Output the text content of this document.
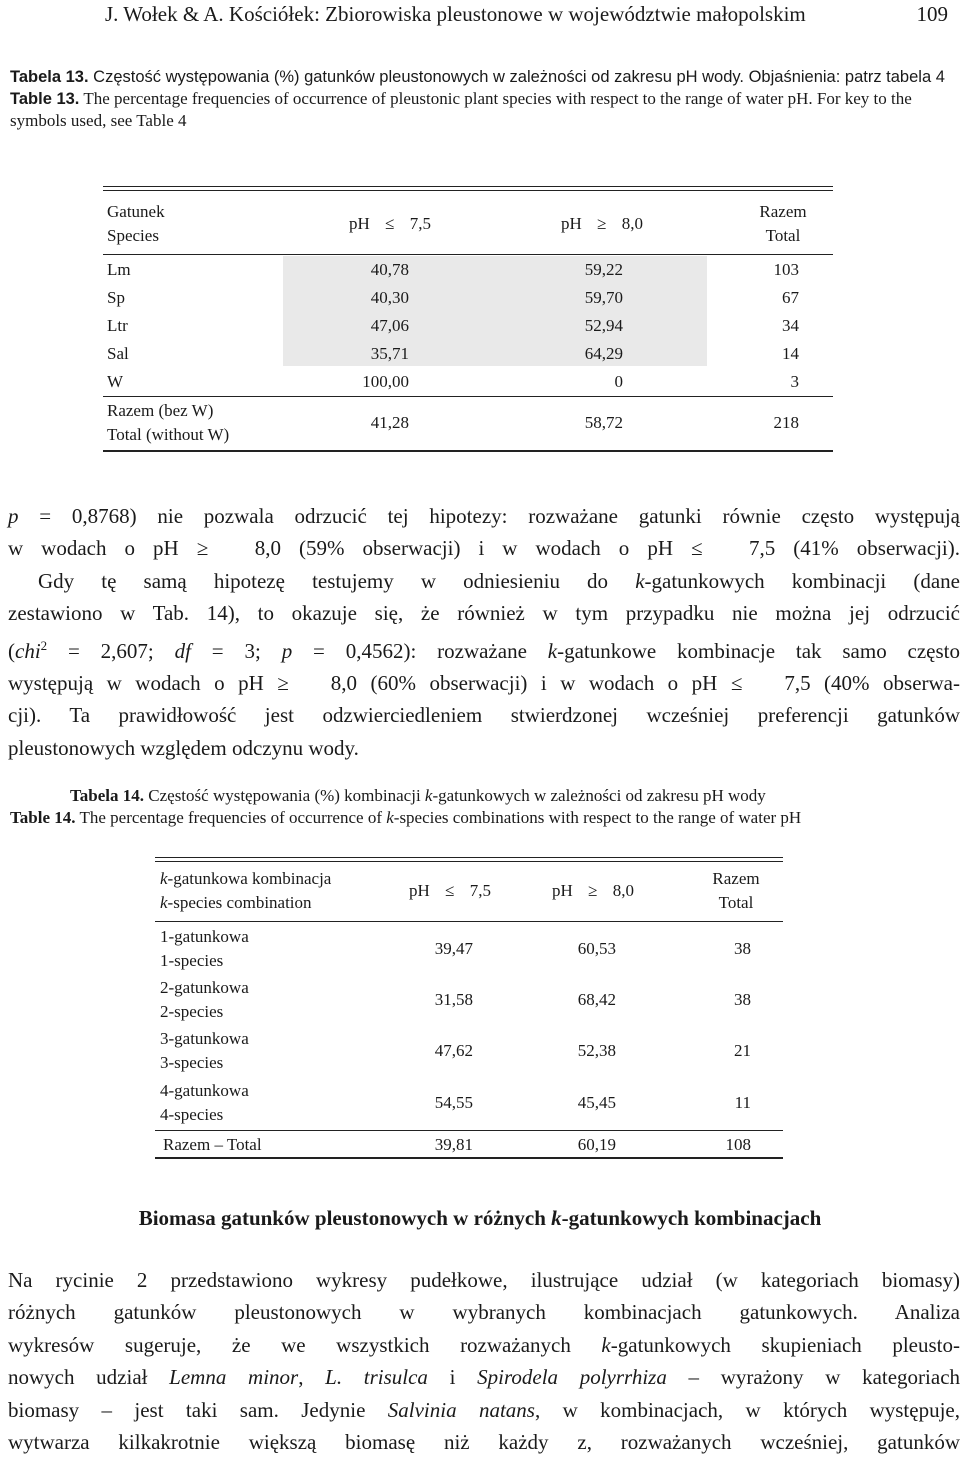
J. Wołek & A. Kościółek: Zbiorowiska pleustonowe w województwie małopolskim	109
Tabela 13. Częstość występowania (%) gatunków pleustonowych w zależności od zakresu pH wody. Objaśnienia: patrz tabela 4
Table 13. The percentage frequencies of occurrence of pleustonic plant species with respect to the range of water pH. For key to the symbols used, see Table 4
Gatunek
Species
pH ≤ 7,5	pH ≥ 8,0
Razem
Total
Lm	40,78	59,22	103
Sp	40,30	59,70	67
Ltr	47,06	52,94	34
Sal	35,71	64,29	14
W	100,00	0	3
Razem (bez W)
Total (without W)
41,28	58,72	218

p = 0,8768) nie pozwala odrzucić tej hipotezy: rozważane gatunki równie często występują

w wodach o pH ≥ 8,0 (59% obserwacji) i w wodach o pH ≤ 7,5 (41% obserwacji).

Gdy tę samą hipotezę testujemy w odniesieniu do k-gatunkowych kombinacji (dane

zestawiono w Tab. 14), to okazuje się, że również w tym przypadku nie można jej odrzucić

(chi$^2$ = 2,607; df = 3; p = 0,4562): rozważane k-gatunkowe kombinacje tak samo często

występują w wodach o pH ≥ 8,0 (60% obserwacji) i w wodach o pH ≤ 7,5 (40% obserwa-

cji). Ta prawidłowość jest odzwierciedleniem stwierdzonej wcześniej preferencji gatunków

pleustonowych względem odczynu wody.

Tabela 14. Częstość występowania (%) kombinacji k-gatunkowych w zależności od zakresu pH wody
Table 14. The percentage frequencies of occurrence of k-species combinations with respect to the range of water pH
k-gatunkowa kombinacja
k-species combination
pH ≤ 7,5	pH ≥ 8,0
Razem
Total
1-gatunkowa
1-species
39,47	60,53	38
2-gatunkowa
2-species
31,58	68,42	38
3-gatunkowa
3-species
47,62	52,38	21
4-gatunkowa
4-species
54,55	45,45	11
Razem – Total	39,81	60,19	108
Biomasa gatunków pleustonowych w różnych k-gatunkowych kombinacjach

Na rycinie 2 przedstawiono wykresy pudełkowe, ilustrujące udział (w kategoriach biomasy)

różnych gatunków pleustonowych w wybranych kombinacjach gatunkowych. Analiza

wykresów sugeruje, że we wszystkich rozważanych k-gatunkowych skupieniach pleusto-

nowych udział Lemna minor, L. trisulca i Spirodela polyrrhiza – wyrażony w kategoriach

biomasy – jest taki sam. Jedynie Salvinia natans, w kombinacjach, w których występuje,

wytwarza kilkakrotnie większą biomasę niż każdy z, rozważanych wcześniej, gatunków
